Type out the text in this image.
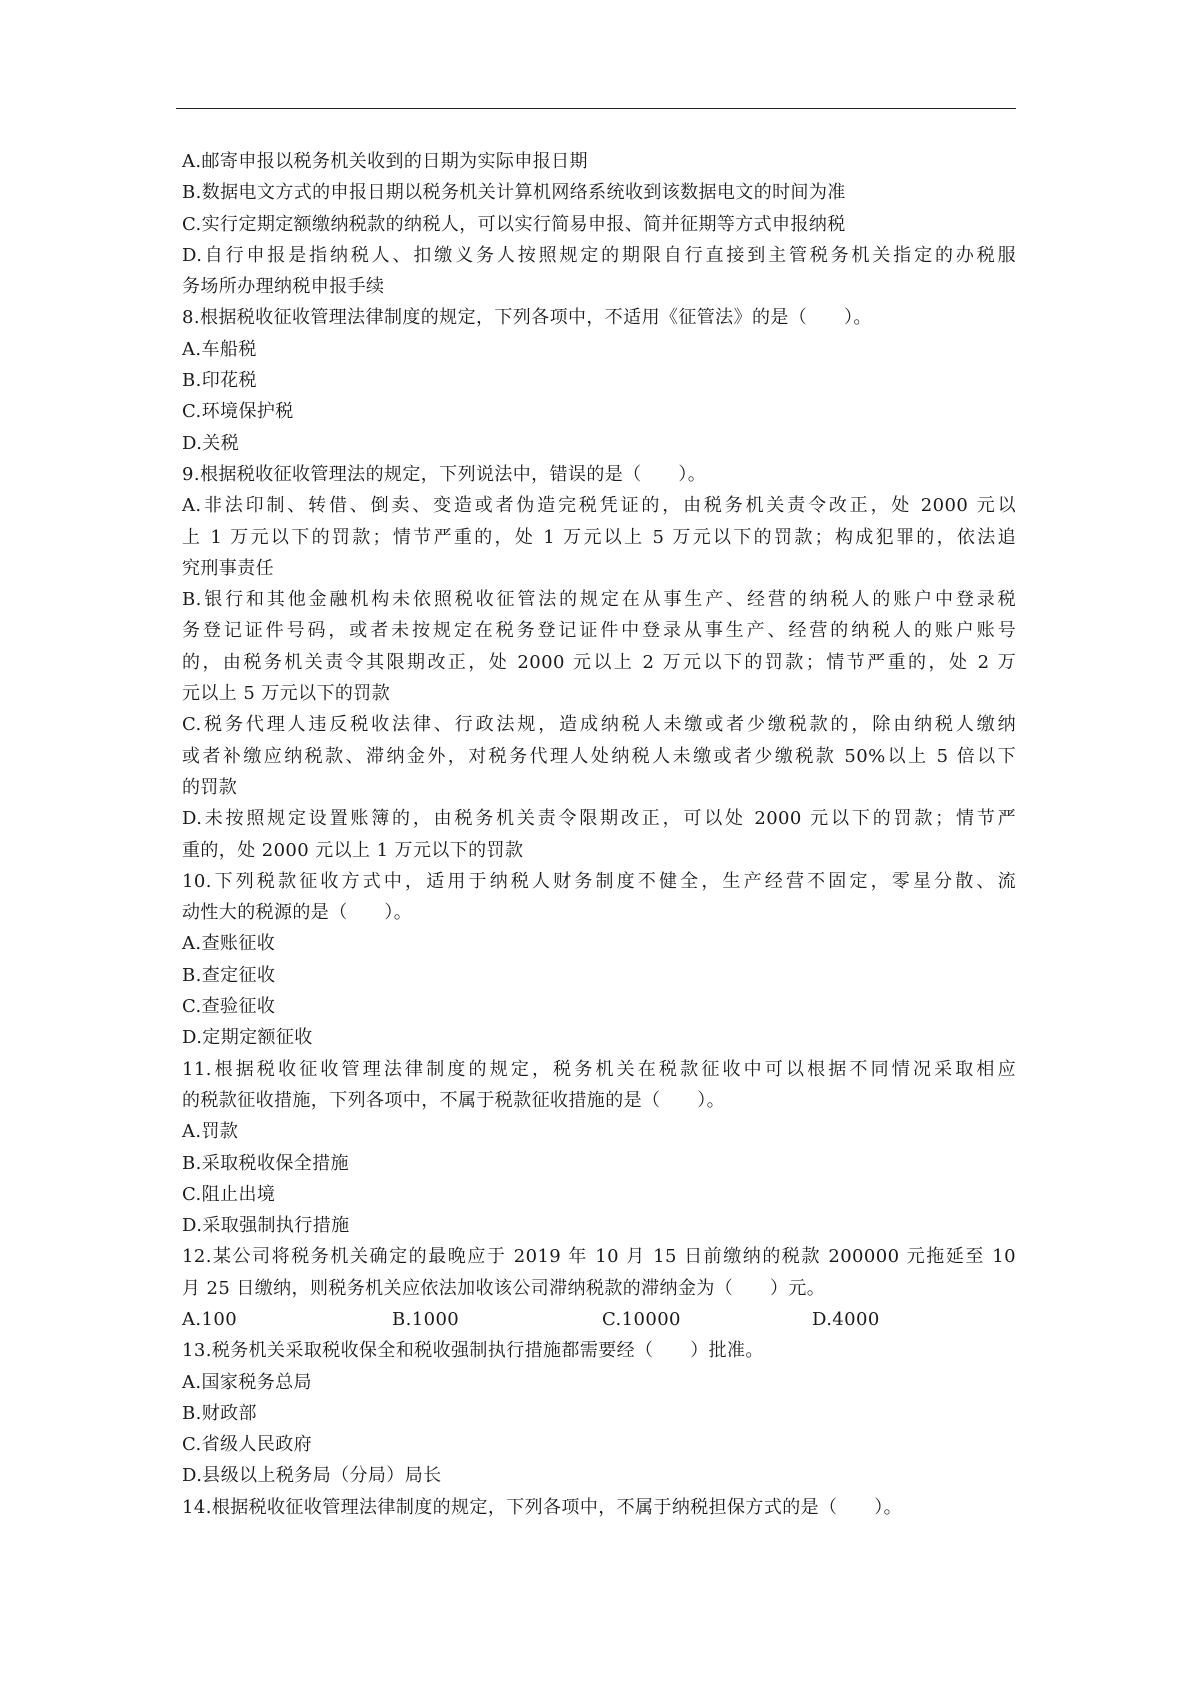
A.邮寄申报以税务机关收到的日期为实际申报日期
B.数据电文方式的申报日期以税务机关计算机网络系统收到该数据电文的时间为准
C.实行定期定额缴纳税款的纳税人，可以实行简易申报、简并征期等方式申报纳税
D.自行申报是指纳税人、扣缴义务人按照规定的期限自行直接到主管税务机关指定的办税服
务场所办理纳税申报手续
8.根据税收征收管理法律制度的规定，下列各项中，不适用《征管法》的是（　　）。
A.车船税
B.印花税
C.环境保护税
D.关税
9.根据税收征收管理法的规定，下列说法中，错误的是（　　）。
A.非法印制、转借、倒卖、变造或者伪造完税凭证的，由税务机关责令改正，处 2000 元以
上 1 万元以下的罚款；情节严重的，处 1 万元以上 5 万元以下的罚款；构成犯罪的，依法追
究刑事责任
B.银行和其他金融机构未依照税收征管法的规定在从事生产、经营的纳税人的账户中登录税
务登记证件号码，或者未按规定在税务登记证件中登录从事生产、经营的纳税人的账户账号
的，由税务机关责令其限期改正，处 2000 元以上 2 万元以下的罚款；情节严重的，处 2 万
元以上 5 万元以下的罚款
C.税务代理人违反税收法律、行政法规，造成纳税人未缴或者少缴税款的，除由纳税人缴纳
或者补缴应纳税款、滞纳金外，对税务代理人处纳税人未缴或者少缴税款 50%以上 5 倍以下
的罚款
D.未按照规定设置账簿的，由税务机关责令限期改正，可以处 2000 元以下的罚款；情节严
重的，处 2000 元以上 1 万元以下的罚款
10.下列税款征收方式中，适用于纳税人财务制度不健全，生产经营不固定，零星分散、流
动性大的税源的是（　　）。
A.查账征收
B.查定征收
C.查验征收
D.定期定额征收
11.根据税收征收管理法律制度的规定，税务机关在税款征收中可以根据不同情况采取相应
的税款征收措施，下列各项中，不属于税款征收措施的是（　　）。
A.罚款
B.采取税收保全措施
C.阻止出境
D.采取强制执行措施
12.某公司将税务机关确定的最晚应于 2019 年 10 月 15 日前缴纳的税款 200000 元拖延至 10
月 25 日缴纳，则税务机关应依法加收该公司滞纳税款的滞纳金为（　　）元。
A.100	B.1000	C.10000	D.4000
13.税务机关采取税收保全和税收强制执行措施都需要经（　　）批准。
A.国家税务总局
B.财政部
C.省级人民政府
D.县级以上税务局（分局）局长
14.根据税收征收管理法律制度的规定，下列各项中，不属于纳税担保方式的是（　　）。
